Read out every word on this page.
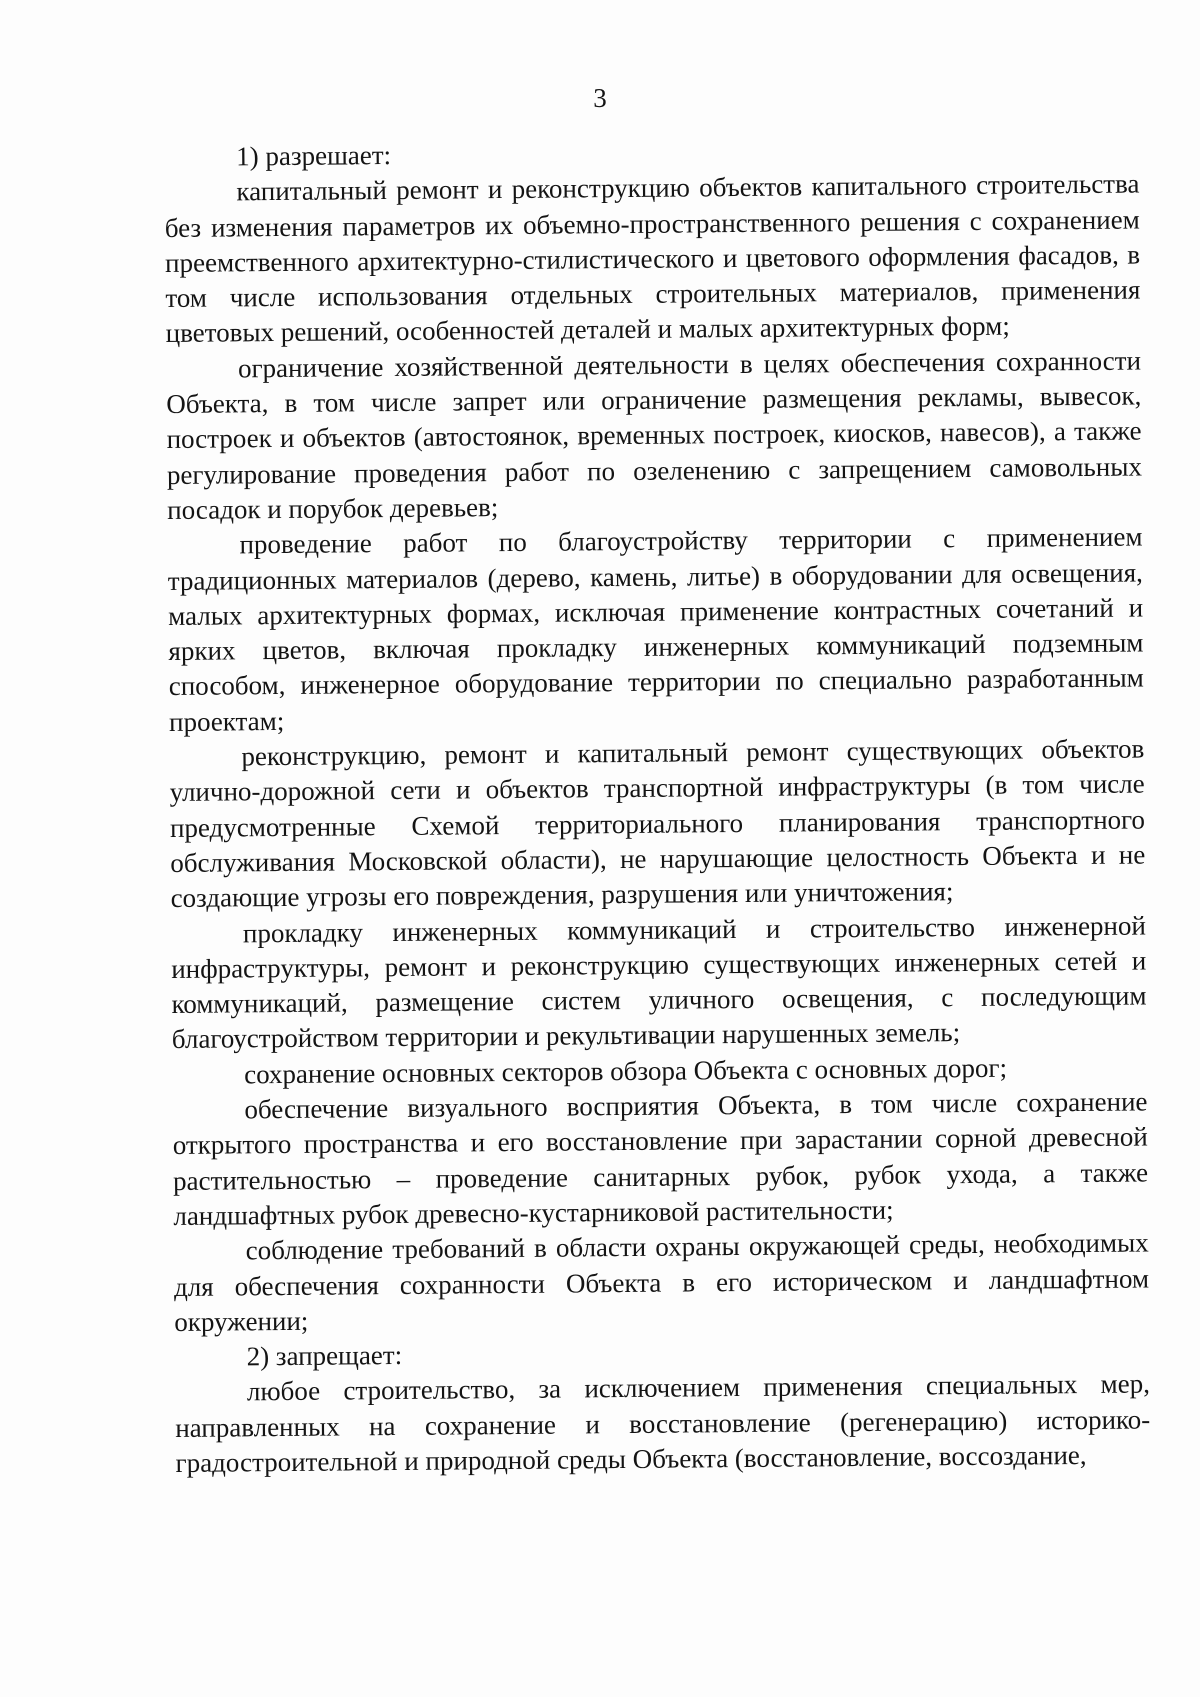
3

1) разрешает:

капитальный ремонт и реконструкцию объектов капитального строительства без изменения параметров их объемно-пространственного решения с сохранением преемственного архитектурно-стилистического и цветового оформления фасадов, в том числе использования отдельных строительных материалов, применения цветовых решений, особенностей деталей и малых архитектурных форм;

ограничение хозяйственной деятельности в целях обеспечения сохранности Объекта, в том числе запрет или ограничение размещения рекламы, вывесок, построек и объектов (автостоянок, временных построек, киосков, навесов), а также регулирование проведения работ по озеленению с запрещением самовольных посадок и порубок деревьев;

проведение работ по благоустройству территории с применением традиционных материалов (дерево, камень, литье) в оборудовании для освещения, малых архитектурных формах, исключая применение контрастных сочетаний и ярких цветов, включая прокладку инженерных коммуникаций подземным способом, инженерное оборудование территории по специально разработанным проектам;

реконструкцию, ремонт и капитальный ремонт существующих объектов улично-дорожной сети и объектов транспортной инфраструктуры (в том числе предусмотренные Схемой территориального планирования транспортного обслуживания Московской области), не нарушающие целостность Объекта и не создающие угрозы его повреждения, разрушения или уничтожения;

прокладку инженерных коммуникаций и строительство инженерной инфраструктуры, ремонт и реконструкцию существующих инженерных сетей и коммуникаций, размещение систем уличного освещения, с последующим благоустройством территории и рекультивации нарушенных земель;

сохранение основных секторов обзора Объекта с основных дорог;

обеспечение визуального восприятия Объекта, в том числе сохранение открытого пространства и его восстановление при зарастании сорной древесной растительностью – проведение санитарных рубок, рубок ухода, а также ландшафтных рубок древесно-кустарниковой растительности;

соблюдение требований в области охраны окружающей среды, необходимых для обеспечения сохранности Объекта в его историческом и ландшафтном окружении;

2) запрещает:

любое строительство, за исключением применения специальных мер, направленных на сохранение и восстановление (регенерацию) историко-градостроительной и природной среды Объекта (восстановление, воссоздание,
